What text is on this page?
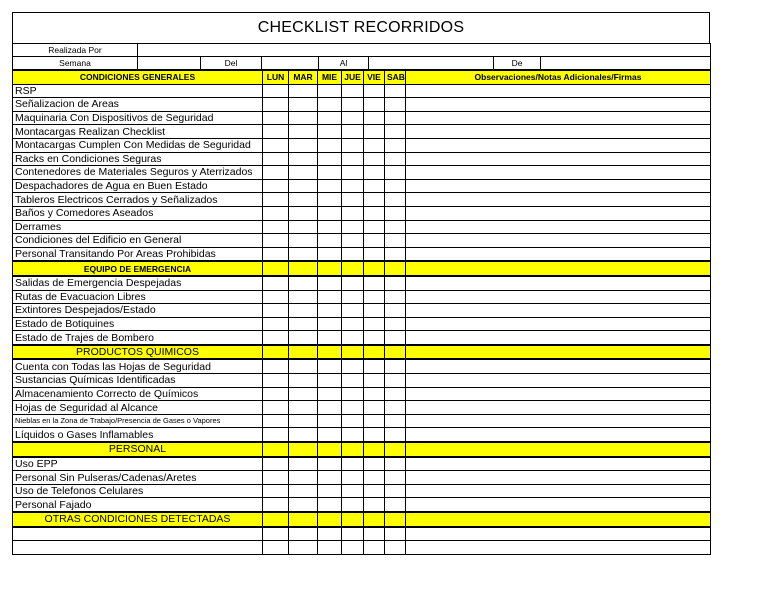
CHECKLIST RECORRIDOS
Realizada Por							
Semana		Del		Al		De	
CONDICIONES GENERALES	LUN	MAR	MIE	JUE	VIE	SAB	Observaciones/Notas Adicionales/Firmas
RSP							
Señalizacion de Areas							
Maquinaria Con Dispositivos de Seguridad							
Montacargas Realizan Checklist							
Montacargas Cumplen Con Medidas de Seguridad							
Racks en Condiciones Seguras							
Contenedores de Materiales Seguros y Aterrizados							
Despachadores de Agua en Buen Estado							
Tableros Electricos Cerrados y Señalizados							
Baños y Comedores Aseados							
Derrames							
Condiciones del Edificio en General							
Personal Transitando Por Areas Prohibidas							
EQUIPO DE EMERGENCIA							
Salidas de Emergencia Despejadas							
Rutas de Evacuacion Libres							
Extintores Despejados/Estado							
Estado de Botiquines							
Estado de Trajes de Bombero							
PRODUCTOS QUIMICOS							
Cuenta con Todas las Hojas de Seguridad							
Sustancias Químicas Identificadas							
Almacenamiento Correcto de Químicos							
Hojas de Seguridad al Alcance							
Nieblas en la Zona de Trabajo/Presencia de Gases o Vapores							
Líquidos o Gases Inflamables							
PERSONAL							
Uso EPP							
Personal Sin Pulseras/Cadenas/Aretes							
Uso de Telefonos Celulares							
Personal Fajado							
OTRAS CONDICIONES DETECTADAS							
